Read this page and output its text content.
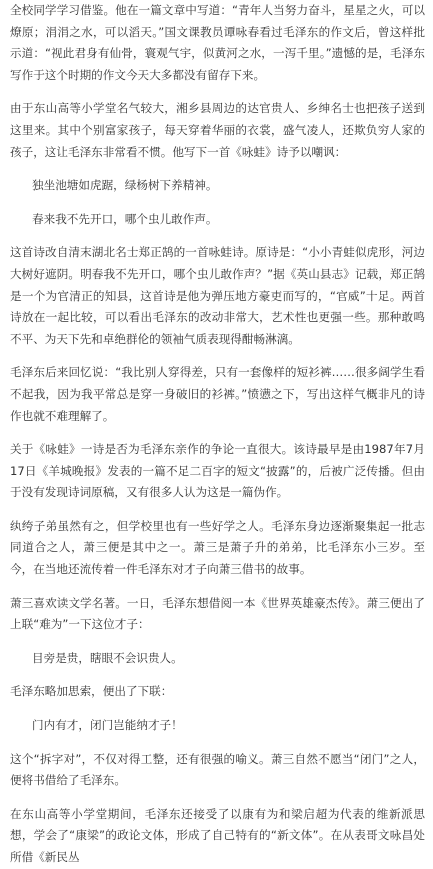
全校同学学习借鉴。他在一篇文章中写道：“青年人当努力奋斗，星星之火，可以燎原；涓涓之水，可以滔天。”国文课教员谭咏春看过毛泽东的作文后，曾这样批示道：“视此君身有仙骨，寰观气宇，似黄河之水，一泻千里。”遗憾的是，毛泽东写作于这个时期的作文今天大多都没有留存下来。

由于东山高等小学堂名气较大，湘乡县周边的达官贵人、乡绅名士也把孩子送到这里来。其中个别富家孩子，每天穿着华丽的衣裳，盛气凌人，还欺负穷人家的孩子，这让毛泽东非常看不惯。他写下一首《咏蛙》诗予以嘲讽：

独坐池塘如虎踞，绿杨树下养精神。

春来我不先开口，哪个虫儿敢作声。

这首诗改自清末湖北名士郑正鹄的一首咏蛙诗。原诗是：“小小青蛙似虎形，河边大树好遮阴。明春我不先开口，哪个虫儿敢作声？”据《英山县志》记载，郑正鹄是一个为官清正的知县，这首诗是他为弹压地方豪吏而写的，“官威”十足。两首诗放在一起比较，可以看出毛泽东的改动非常大，艺术性也更强一些。那种敢鸣不平、为天下先和卓绝群伦的领袖气质表现得酣畅淋漓。

毛泽东后来回忆说：“我比别人穿得差，只有一套像样的短衫裤……很多阔学生看不起我，因为我平常总是穿一身破旧的衫裤。”愤懑之下，写出这样气概非凡的诗作也就不难理解了。

关于《咏蛙》一诗是否为毛泽东亲作的争论一直很大。该诗最早是由1987年7月17日《羊城晚报》发表的一篇不足二百字的短文“披露”的，后被广泛传播。但由于没有发现诗词原稿，又有很多人认为这是一篇伪作。

纨绔子弟虽然有之，但学校里也有一些好学之人。毛泽东身边逐渐聚集起一批志同道合之人，萧三便是其中之一。萧三是萧子升的弟弟，比毛泽东小三岁。至今，在当地还流传着一件毛泽东对才子向萧三借书的故事。

萧三喜欢读文学名著。一日，毛泽东想借阅一本《世界英雄豪杰传》。萧三便出了上联“难为”一下这位才子：

目旁是贵，瞎眼不会识贵人。

毛泽东略加思索，便出了下联：

门内有才，闭门岂能纳才子！

这个“拆字对”，不仅对得工整，还有很强的喻义。萧三自然不愿当“闭门”之人，便将书借给了毛泽东。

在东山高等小学堂期间，毛泽东还接受了以康有为和梁启超为代表的维新派思想，学会了“康梁”的政论文体，形成了自己特有的“新文体”。在从表哥文咏昌处所借《新民丛
